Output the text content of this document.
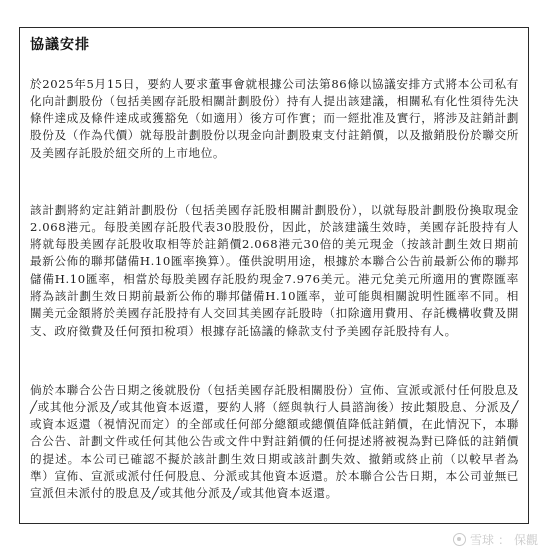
協議安排

於2025年5月15日，要約人要求董事會就根據公司法第86條以協議安排方式將本公司私有化向計劃股份（包括美國存託股相關計劃股份）持有人提出該建議，相關私有化性須待先決條件達成及條件達成或獲豁免（如適用）後方可作實；而一經批准及實行，將涉及註銷計劃股份及（作為代價）就每股計劃股份以現金向計劃股東支付註銷價，以及撤銷股份於聯交所及美國存託股於紐交所的上市地位。

該計劃將約定註銷計劃股份（包括美國存託股相關計劃股份），以就每股計劃股份換取現金2.068港元。每股美國存託股代表30股股份，因此，於該建議生效時，美國存託股持有人將就每股美國存託股收取相等於註銷價2.068港元30倍的美元現金（按該計劃生效日期前最新公佈的聯邦儲備H.10匯率換算）。僅供說明用途，根據於本聯合公告前最新公佈的聯邦儲備H.10匯率，相當於每股美國存託股約現金7.976美元。港元兌美元所適用的實際匯率將為該計劃生效日期前最新公佈的聯邦儲備H.10匯率，並可能與相關說明性匯率不同。相關美元金額將於美國存託股持有人交回其美國存託股時（扣除適用費用、存託機構收費及開支、政府徵費及任何預扣稅項）根據存託協議的條款支付予美國存託股持有人。

倘於本聯合公告日期之後就股份（包括美國存託股相關股份）宣佈、宣派或派付任何股息及╱或其他分派及╱或其他資本返還，要約人將（經與執行人員諮詢後）按此類股息、分派及╱或資本返還（視情況而定）的全部或任何部分總額或總價值降低註銷價，在此情況下，本聯合公告、計劃文件或任何其他公告或文件中對註銷價的任何提述將被視為對已降低的註銷價的提述。本公司已確認不擬於該計劃生效日期或該計劃失效、撤銷或終止前（以較早者為準）宣佈、宣派或派付任何股息、分派或其他資本返還。於本聯合公告日期，本公司並無已宣派但未派付的股息及╱或其他分派及╱或其他資本返還。

雪球 ： 保觀
